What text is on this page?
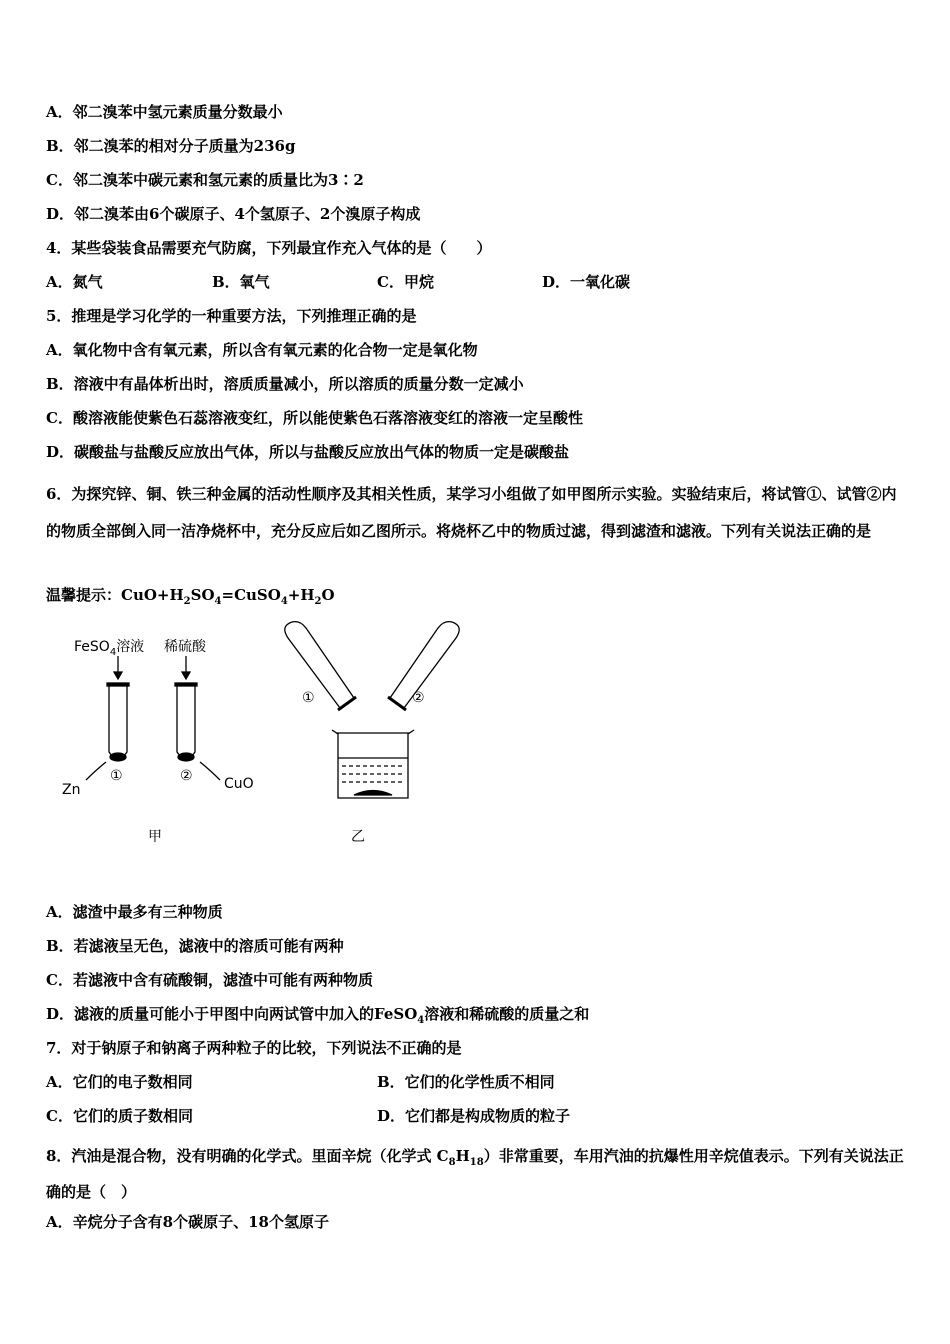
A．邻二溴苯中氢元素质量分数最小
B．邻二溴苯的相对分子质量为236g
C．邻二溴苯中碳元素和氢元素的质量比为3∶2
D．邻二溴苯由6个碳原子、4个氢原子、2个溴原子构成
4．某些袋装食品需要充气防腐，下列最宜作充入气体的是（　　）
A．氮气	B．氧气	C．甲烷	D．一氧化碳
5．推理是学习化学的一种重要方法，下列推理正确的是
A．氧化物中含有氧元素，所以含有氧元素的化合物一定是氧化物
B．溶液中有晶体析出时，溶质质量减小，所以溶质的质量分数一定减小
C．酸溶液能使紫色石蕊溶液变红，所以能使紫色石落溶液变红的溶液一定呈酸性
D．碳酸盐与盐酸反应放出气体，所以与盐酸反应放出气体的物质一定是碳酸盐
6．为探究锌、铜、铁三种金属的活动性顺序及其相关性质，某学习小组做了如甲图所示实验。实验结束后，将试管①、试管②内的物质全部倒入同一洁净烧杯中，充分反应后如乙图所示。将烧杯乙中的物质过滤，得到滤渣和滤液。下列有关说法正确的是
温馨提示：$CuO+H_2SO_4=CuSO_4+H_2O$
FeSO$_4$溶液 稀硫酸
①	②
Zn	CuO
①	②
甲	乙
A．滤渣中最多有三种物质
B．若滤液呈无色，滤液中的溶质可能有两种
C．若滤液中含有硫酸铜，滤渣中可能有两种物质
D．滤液的质量可能小于甲图中向两试管中加入的FeSO$_4$溶液和稀硫酸的质量之和
7．对于钠原子和钠离子两种粒子的比较，下列说法不正确的是
A．它们的电子数相同	B．它们的化学性质不相同
C．它们的质子数相同	D．它们都是构成物质的粒子
8．汽油是混合物，没有明确的化学式。里面辛烷（化学式 $C_8H_{18}$）非常重要，车用汽油的抗爆性用辛烷值表示。下列有关说法正确的是（　）
A．辛烷分子含有8个碳原子、18个氢原子
